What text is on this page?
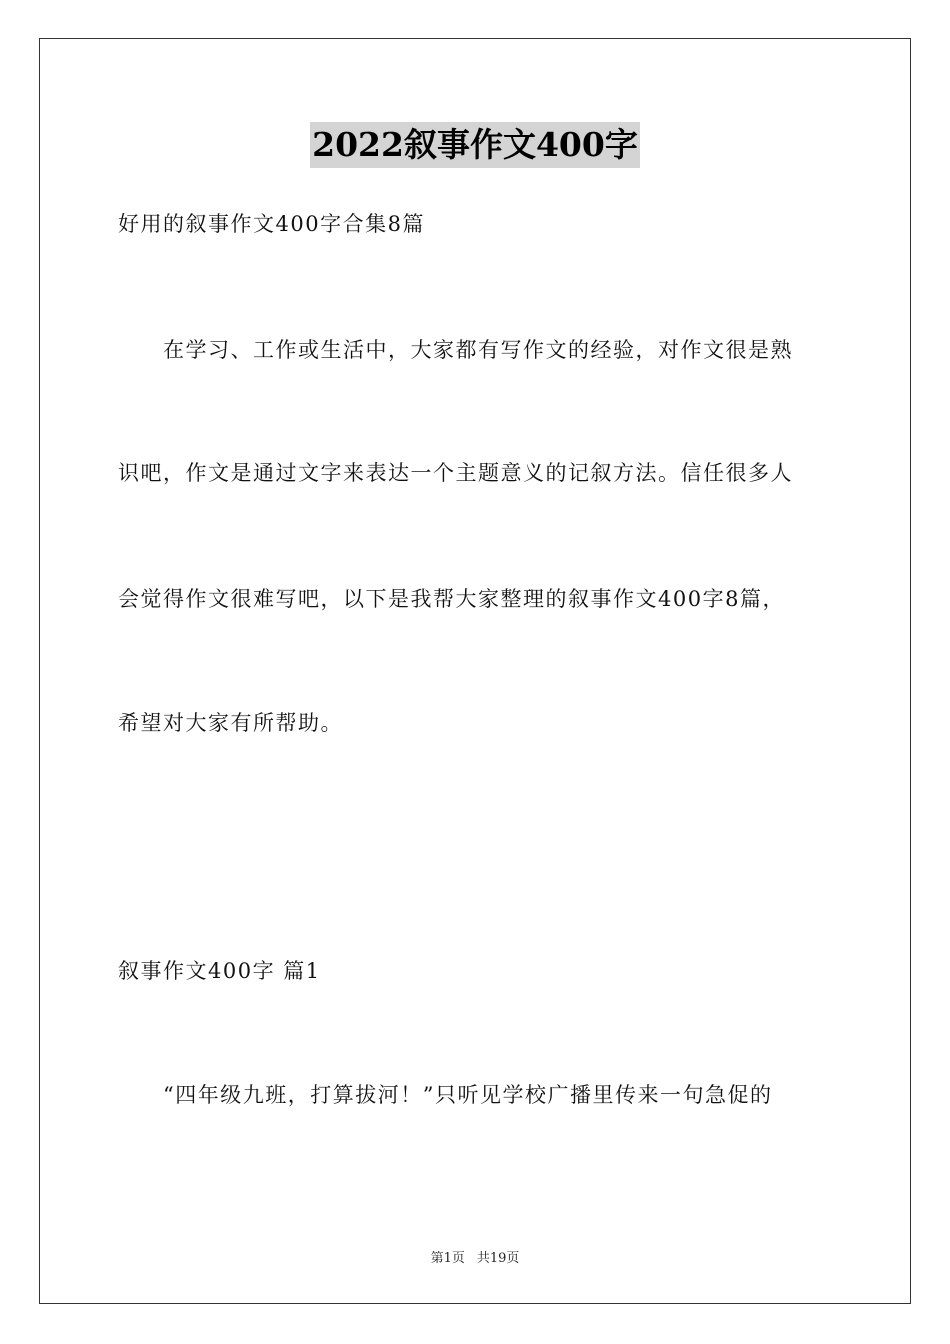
2022叙事作文400字
好用的叙事作文400字合集8篇
在学习、工作或生活中，大家都有写作文的经验，对作文很是熟
识吧，作文是通过文字来表达一个主题意义的记叙方法。信任很多人
会觉得作文很难写吧，以下是我帮大家整理的叙事作文400字8篇，
希望对大家有所帮助。
叙事作文400字 篇1
“四年级九班，打算拔河！”只听见学校广播里传来一句急促的
第1页 共19页
